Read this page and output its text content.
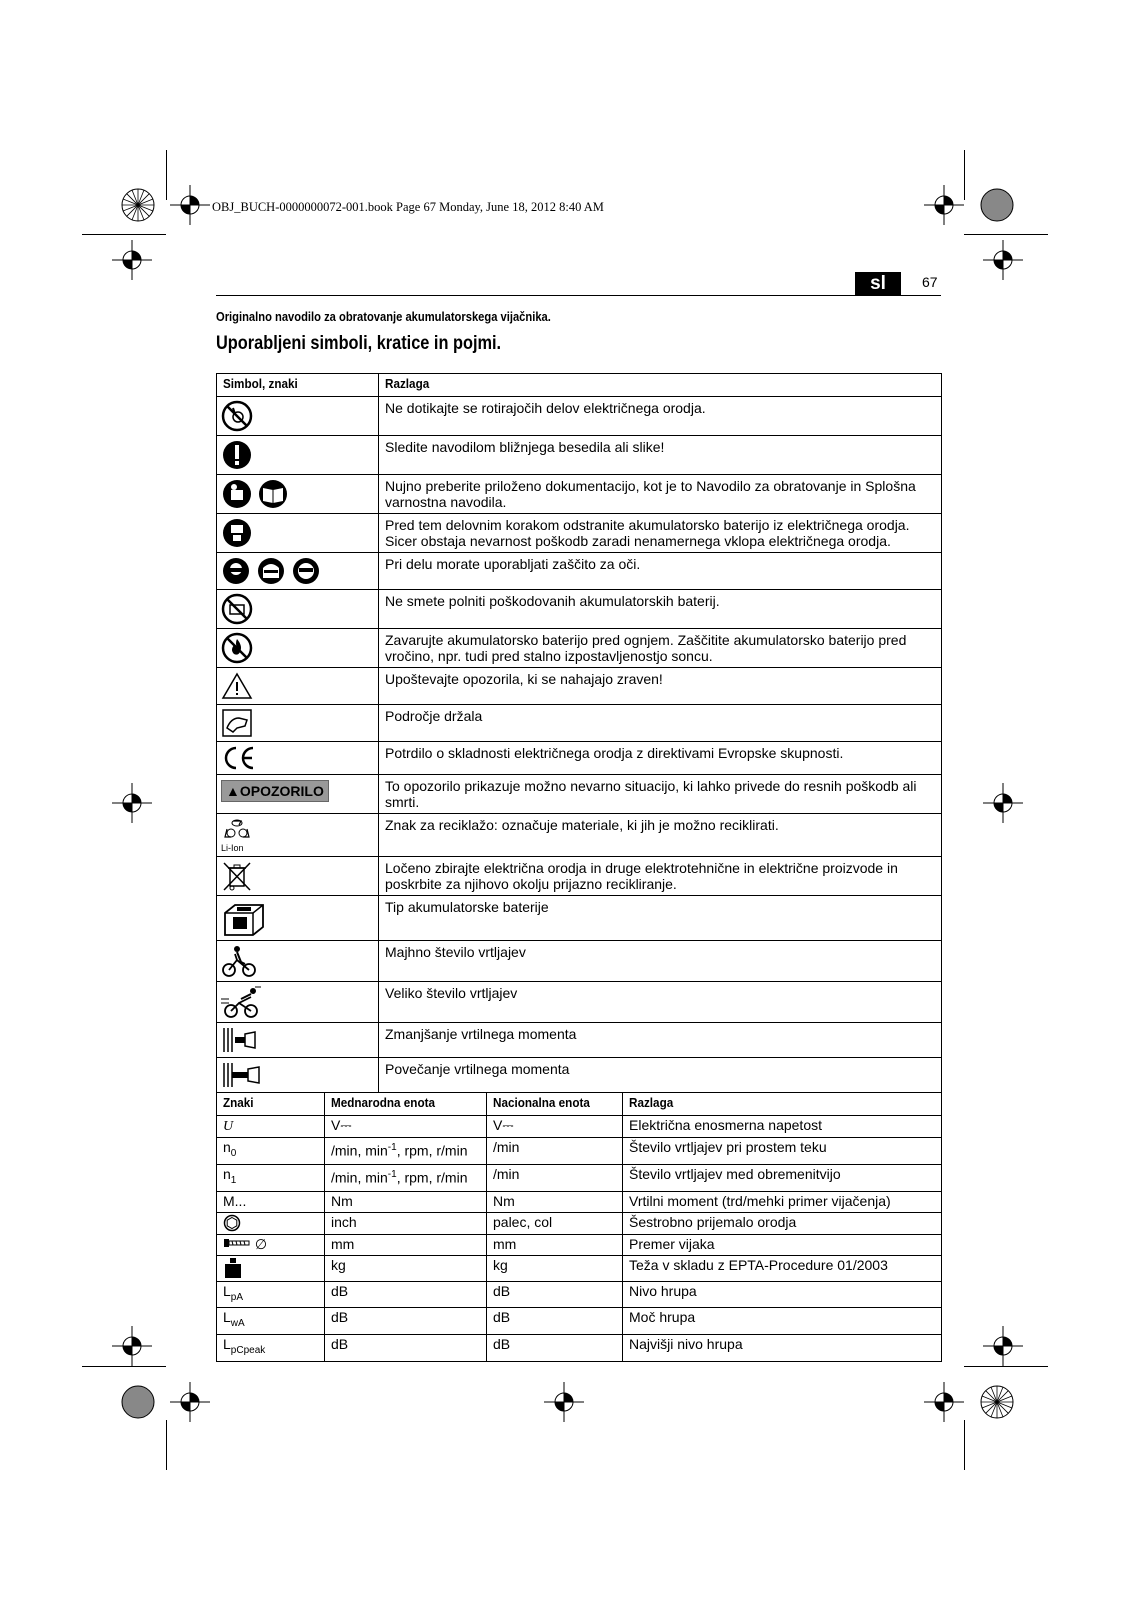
OBJ_BUCH-0000000072-001.book Page 67 Monday, June 18, 2012 8:40 AM
sl	67
Originalno navodilo za obratovanje akumulatorskega vijačnika.
Uporabljeni simboli, kratice in pojmi.
Simbol, znaki	Razlaga
	Ne dotikajte se rotirajočih delov električnega orodja.
	Sledite navodilom bližnjega besedila ali slike!
	Nujno preberite priloženo dokumentacijo, kot je to Navodilo za obratovanje in Splošna varnostna navodila.
	Pred tem delovnim korakom odstranite akumulatorsko baterijo iz električnega orodja. Sicer obstaja nevarnost poškodb zaradi nenamernega vklopa električnega orodja.
	Pri delu morate uporabljati zaščito za oči.
	Ne smete polniti poškodovanih akumulatorskih baterij.
	Zavarujte akumulatorsko baterijo pred ognjem. Zaščitite akumulatorsko baterijo pred vročino, npr. tudi pred stalno izpostavljenostjo soncu.
	Upoštevajte opozorila, ki se nahajajo zraven!
	Področje držala
	Potrdilo o skladnosti električnega orodja z direktivami Evropske skupnosti.
▲OPOZORILO	To opozorilo prikazuje možno nevarno situacijo, ki lahko privede do resnih poškodb ali smrti.

Li-Ion	Znak za reciklažo: označuje materiale, ki jih je možno reciklirati.
	Ločeno zbirajte električna orodja in druge elektrotehnične in električne proizvode in poskrbite za njihovo okolju prijazno recikliranje.
	Tip akumulatorske baterije
	Majhno število vrtljajev
	Veliko število vrtljajev
	Zmanjšanje vrtilnega momenta
	Povečanje vrtilnega momenta
Znaki	Mednarodna enota	Nacionalna enota	Razlaga
U	V⎓	V⎓	Električna enosmerna napetost
$n_0$	/min, $\min^{-1}$, rpm, r/min	/min	Število vrtljajev pri prostem teku
$n_1$	/min, $\min^{-1}$, rpm, r/min	/min	Število vrtljajev med obremenitvijo
M...	Nm	Nm	Vrtilni moment (trd/mehki primer vijačenja)
	inch	palec, col	Šestrobno prijemalo orodja
∅	mm	mm	Premer vijaka
	kg	kg	Teža v skladu z EPTA-Procedure 01/2003
$L_{pA}$	dB	dB	Nivo hrupa
$L_{wA}$	dB	dB	Moč hrupa
$L_{pCpeak}$	dB	dB	Najvišji nivo hrupa
